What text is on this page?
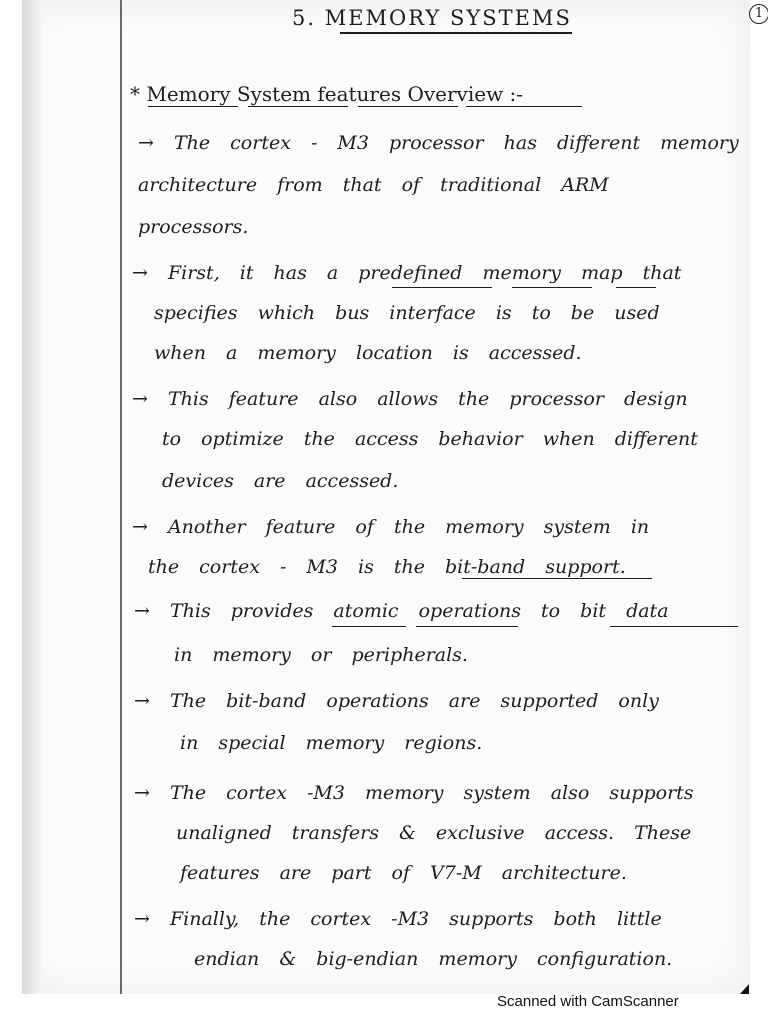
5. MEMORY SYSTEMS	1
* Memory System features Overview :-
→ The cortex - M3 processor has different memory
architecture from that of traditional ARM
processors.
→ First, it has a predefined memory map that
specifies which bus interface is to be used
when a memory location is accessed.
→ This feature also allows the processor design
to optimize the access behavior when different
devices are accessed.
→ Another feature of the memory system in
the cortex - M3 is the bit-band support.
→ This provides atomic operations to bit data
in memory or peripherals.
→ The bit-band operations are supported only
in special memory regions.
→ The cortex -M3 memory system also supports
unaligned transfers & exclusive access. These
features are part of V7-M architecture.
→ Finally, the cortex -M3 supports both little
endian & big-endian memory configuration.
Scanned with CamScanner
